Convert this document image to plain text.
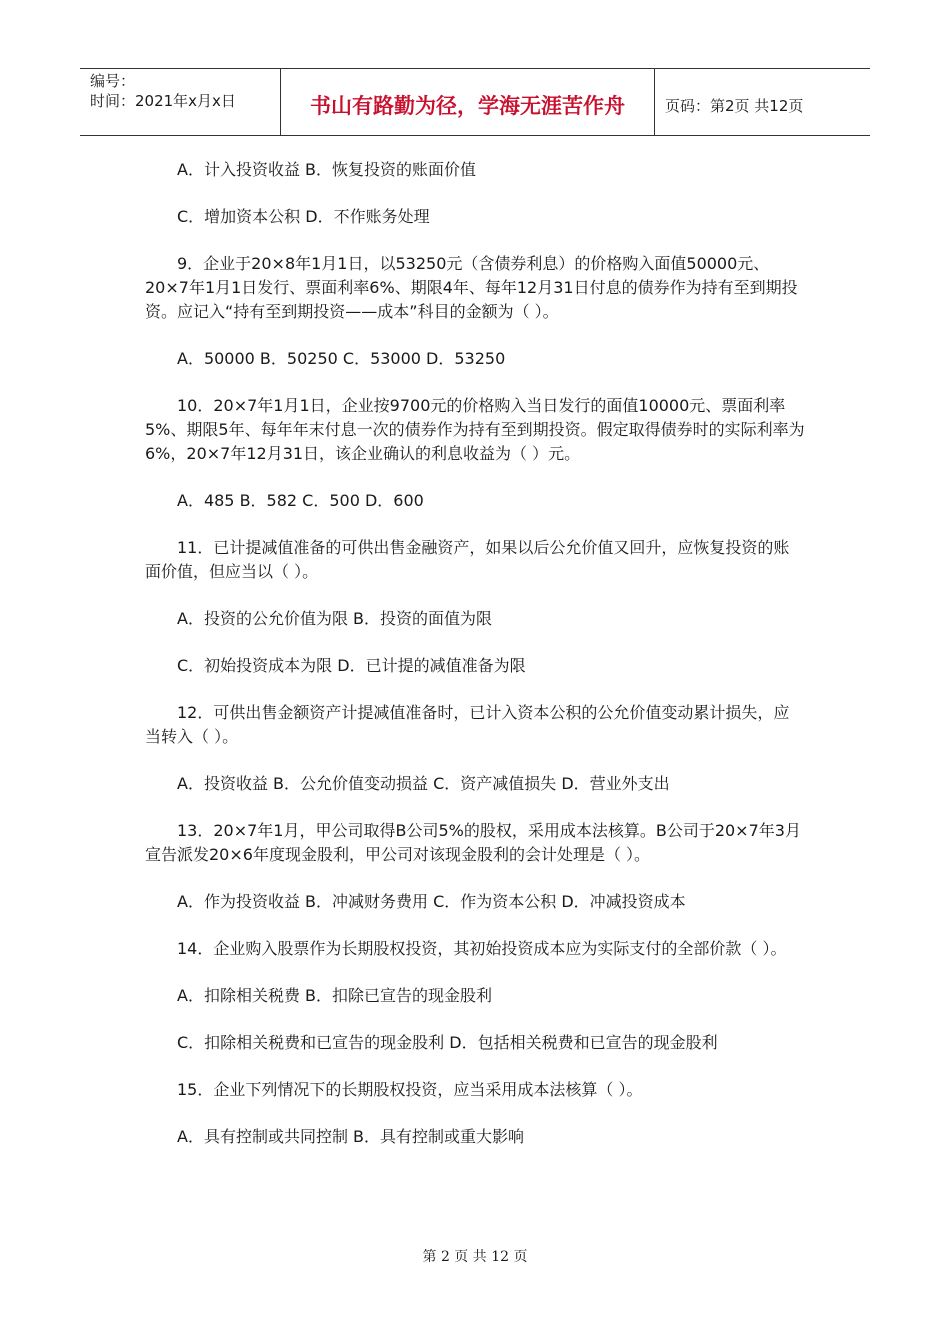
编号：
时间：2021年x月x日	书山有路勤为径，学海无涯苦作舟	页码：第2页 共12页

A．计入投资收益 B．恢复投资的账面价值

C．增加资本公积 D．不作账务处理

9．企业于20×8年1月1日，以53250元（含债券利息）的价格购入面值50000元、20×7年1月1日发行、票面利率6%、期限4年、每年12月31日付息的债券作为持有至到期投资。应记入“持有至到期投资——成本”科目的金额为（ ）。

A．50000 B．50250 C．53000 D．53250

10．20×7年1月1日，企业按9700元的价格购入当日发行的面值10000元、票面利率5%、期限5年、每年年末付息一次的债券作为持有至到期投资。假定取得债券时的实际利率为6%，20×7年12月31日，该企业确认的利息收益为（ ）元。

A．485 B．582 C．500 D．600

11．已计提减值准备的可供出售金融资产，如果以后公允价值又回升，应恢复投资的账面价值，但应当以（ ）。

A．投资的公允价值为限 B．投资的面值为限

C．初始投资成本为限 D．已计提的减值准备为限

12．可供出售金额资产计提减值准备时，已计入资本公积的公允价值变动累计损失，应当转入（ ）。

A．投资收益 B．公允价值变动损益 C．资产减值损失 D．营业外支出

13．20×7年1月，甲公司取得B公司5%的股权，采用成本法核算。B公司于20×7年3月宣告派发20×6年度现金股利，甲公司对该现金股利的会计处理是（ ）。

A．作为投资收益 B．冲减财务费用 C．作为资本公积 D．冲减投资成本

14．企业购入股票作为长期股权投资，其初始投资成本应为实际支付的全部价款（ ）。

A．扣除相关税费 B．扣除已宣告的现金股利

C．扣除相关税费和已宣告的现金股利 D．包括相关税费和已宣告的现金股利

15．企业下列情况下的长期股权投资，应当采用成本法核算（ ）。

A．具有控制或共同控制 B．具有控制或重大影响

第 2 页 共 12 页
